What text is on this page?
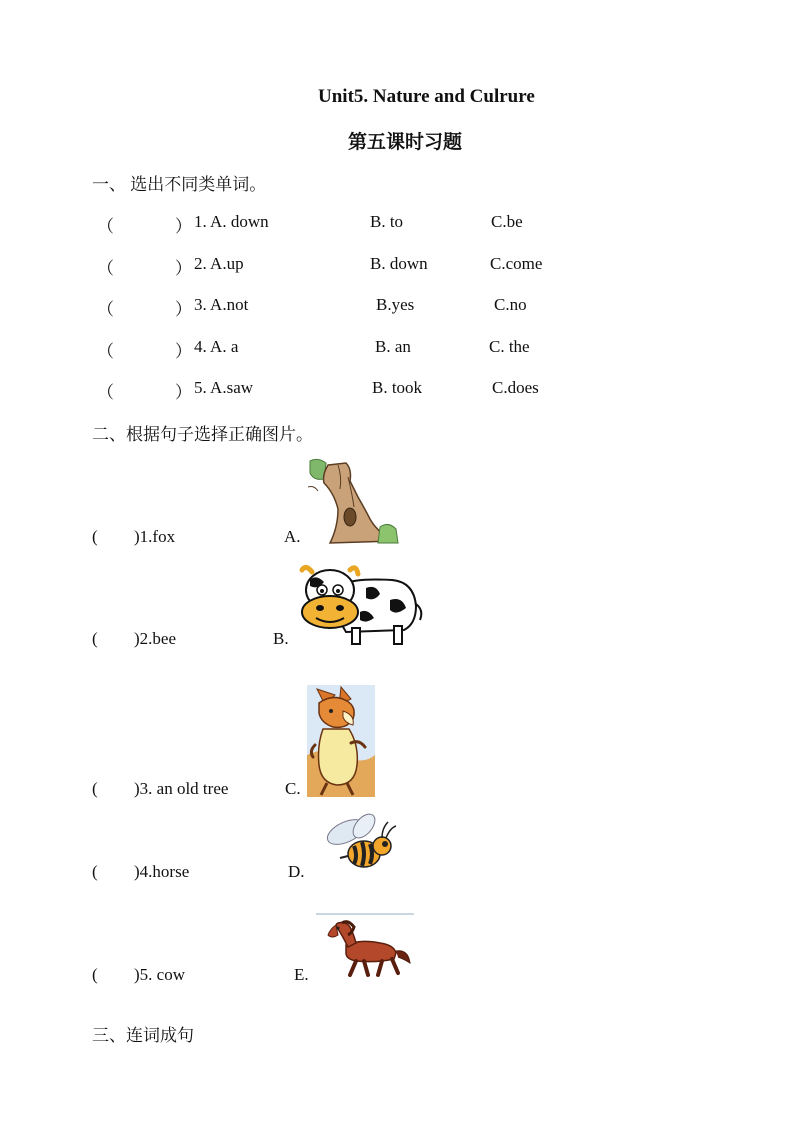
Unit5. Nature and Culrure
第五课时习题
一、 选出不同类单词。
（	） 1. A. down	B. to	C.be
（	） 2. A.up	B. down	C.come
（	） 3. A.not	B.yes	C.no
（	） 4. A. a	B. an	C. the
（	） 5. A.saw	B. took	C.does
二、根据句子选择正确图片。
( )1.fox	A.
( )2.bee	B.
( )3. an old tree	C.
( )4.horse	D.
( )5. cow	E.
三、连词成句
